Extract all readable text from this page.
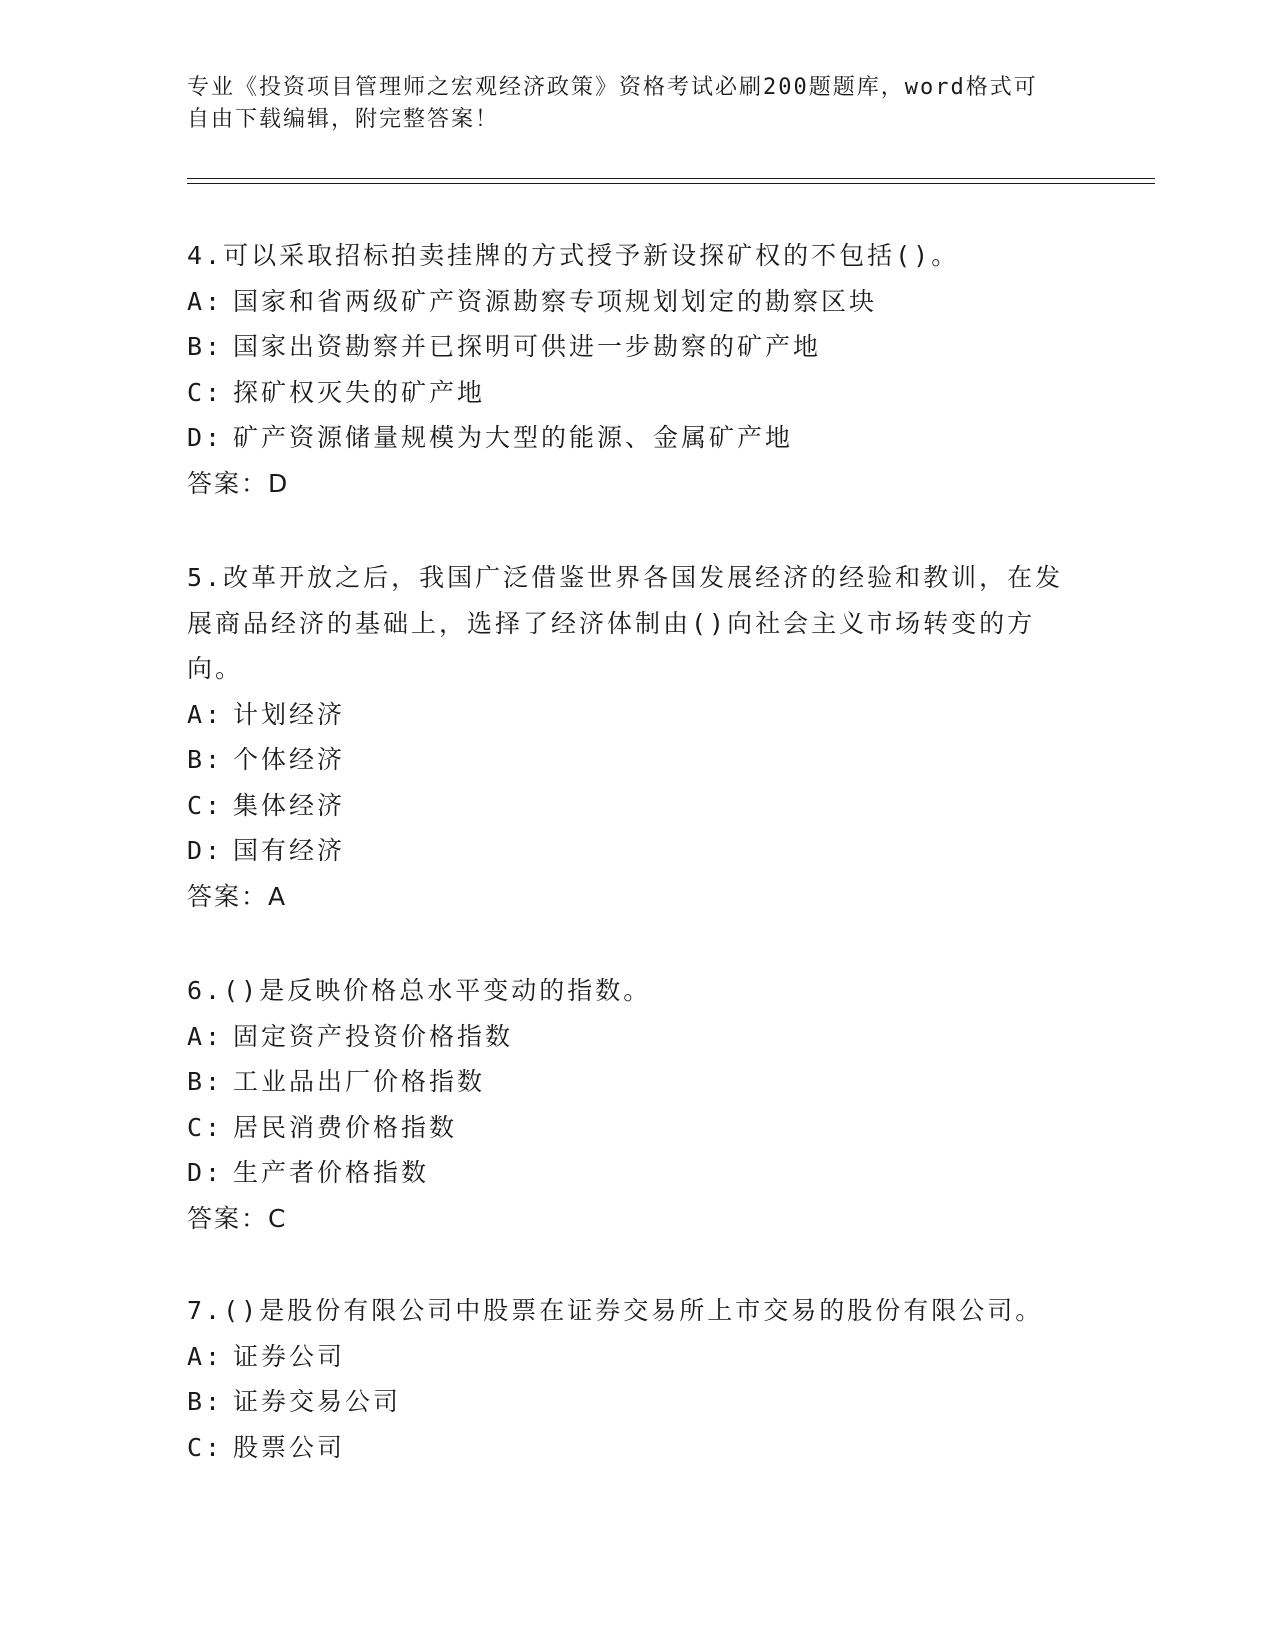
专业《投资项目管理师之宏观经济政策》资格考试必刷200题题库，word格式可
自由下载编辑，附完整答案！
4.可以采取招标拍卖挂牌的方式授予新设探矿权的不包括()。
A: 国家和省两级矿产资源勘察专项规划划定的勘察区块
B: 国家出资勘察并已探明可供进一步勘察的矿产地
C: 探矿权灭失的矿产地
D: 矿产资源储量规模为大型的能源、金属矿产地
答案：D
5.改革开放之后，我国广泛借鉴世界各国发展经济的经验和教训，在发展商品经济的基础上，选择了经济体制由()向社会主义市场转变的方向。
A: 计划经济
B: 个体经济
C: 集体经济
D: 国有经济
答案：A
6.()是反映价格总水平变动的指数。
A: 固定资产投资价格指数
B: 工业品出厂价格指数
C: 居民消费价格指数
D: 生产者价格指数
答案：C
7.()是股份有限公司中股票在证券交易所上市交易的股份有限公司。
A: 证券公司
B: 证券交易公司
C: 股票公司
